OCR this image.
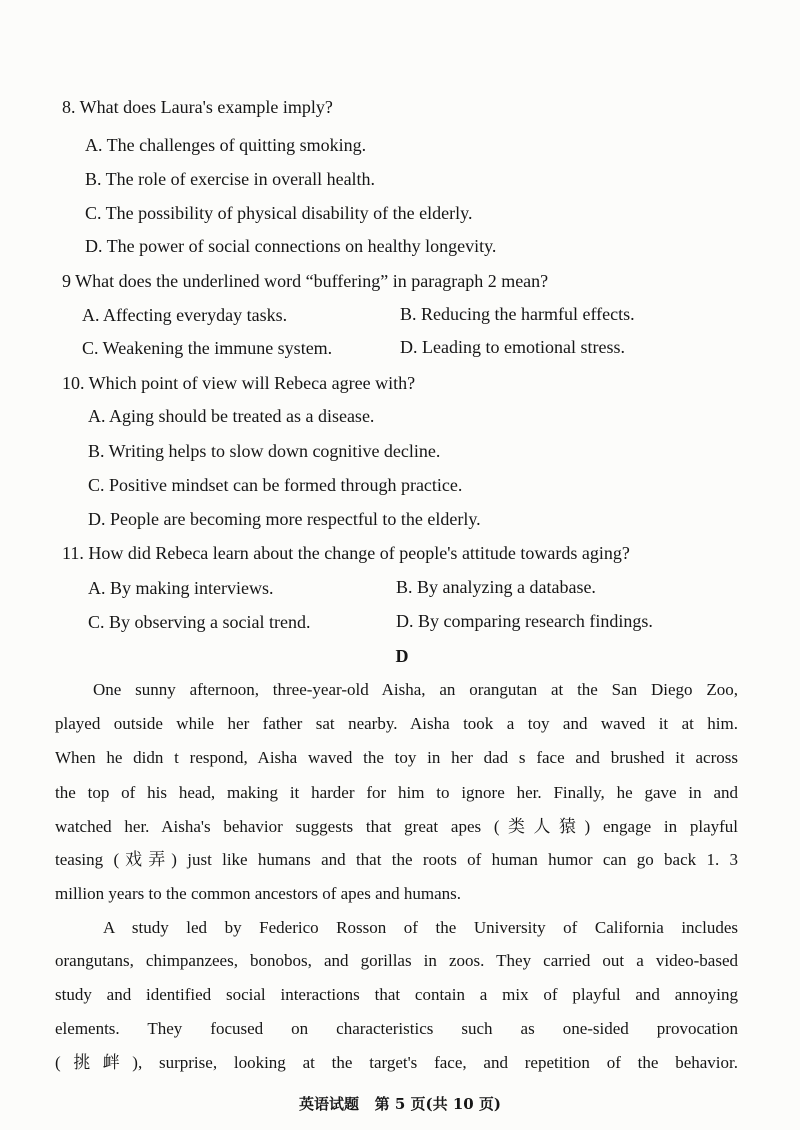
8. What does Laura's example imply?
A. The challenges of quitting smoking.
B. The role of exercise in overall health.
C. The possibility of physical disability of the elderly.
D. The power of social connections on healthy longevity.
9 What does the underlined word “buffering” in paragraph 2 mean?
A. Affecting everyday tasks.	B. Reducing the harmful effects.
C. Weakening the immune system.	D. Leading to emotional stress.
10. Which point of view will Rebeca agree with?
A. Aging should be treated as a disease.
B. Writing helps to slow down cognitive decline.
C. Positive mindset can be formed through practice.
D. People are becoming more respectful to the elderly.
11. How did Rebeca learn about the change of people's attitude towards aging?
A. By making interviews.	B. By analyzing a database.
C. By observing a social trend.	D. By comparing research findings.
D
One sunny afternoon, three-year-old Aisha, an orangutan at the San Diego Zoo,
played outside while her father sat nearby. Aisha took a toy and waved it at him.
When he didn t respond, Aisha waved the toy in her dad s face and brushed it across
the top of his head, making it harder for him to ignore her. Finally, he gave in and
watched her. Aisha's behavior suggests that great apes (类人猿) engage in playful
teasing (戏弄) just like humans and that the roots of human humor can go back 1. 3
million years to the common ancestors of apes and humans.
A study led by Federico Rosson of the University of California includes
orangutans, chimpanzees, bonobos, and gorillas in zoos. They carried out a video-based
study and identified social interactions that contain a mix of playful and annoying
elements. They focused on characteristics such as one-sided provocation
(挑衅), surprise, looking at the target's face, and repetition of the behavior.
英语试题   第 5 页(共 10 页)
